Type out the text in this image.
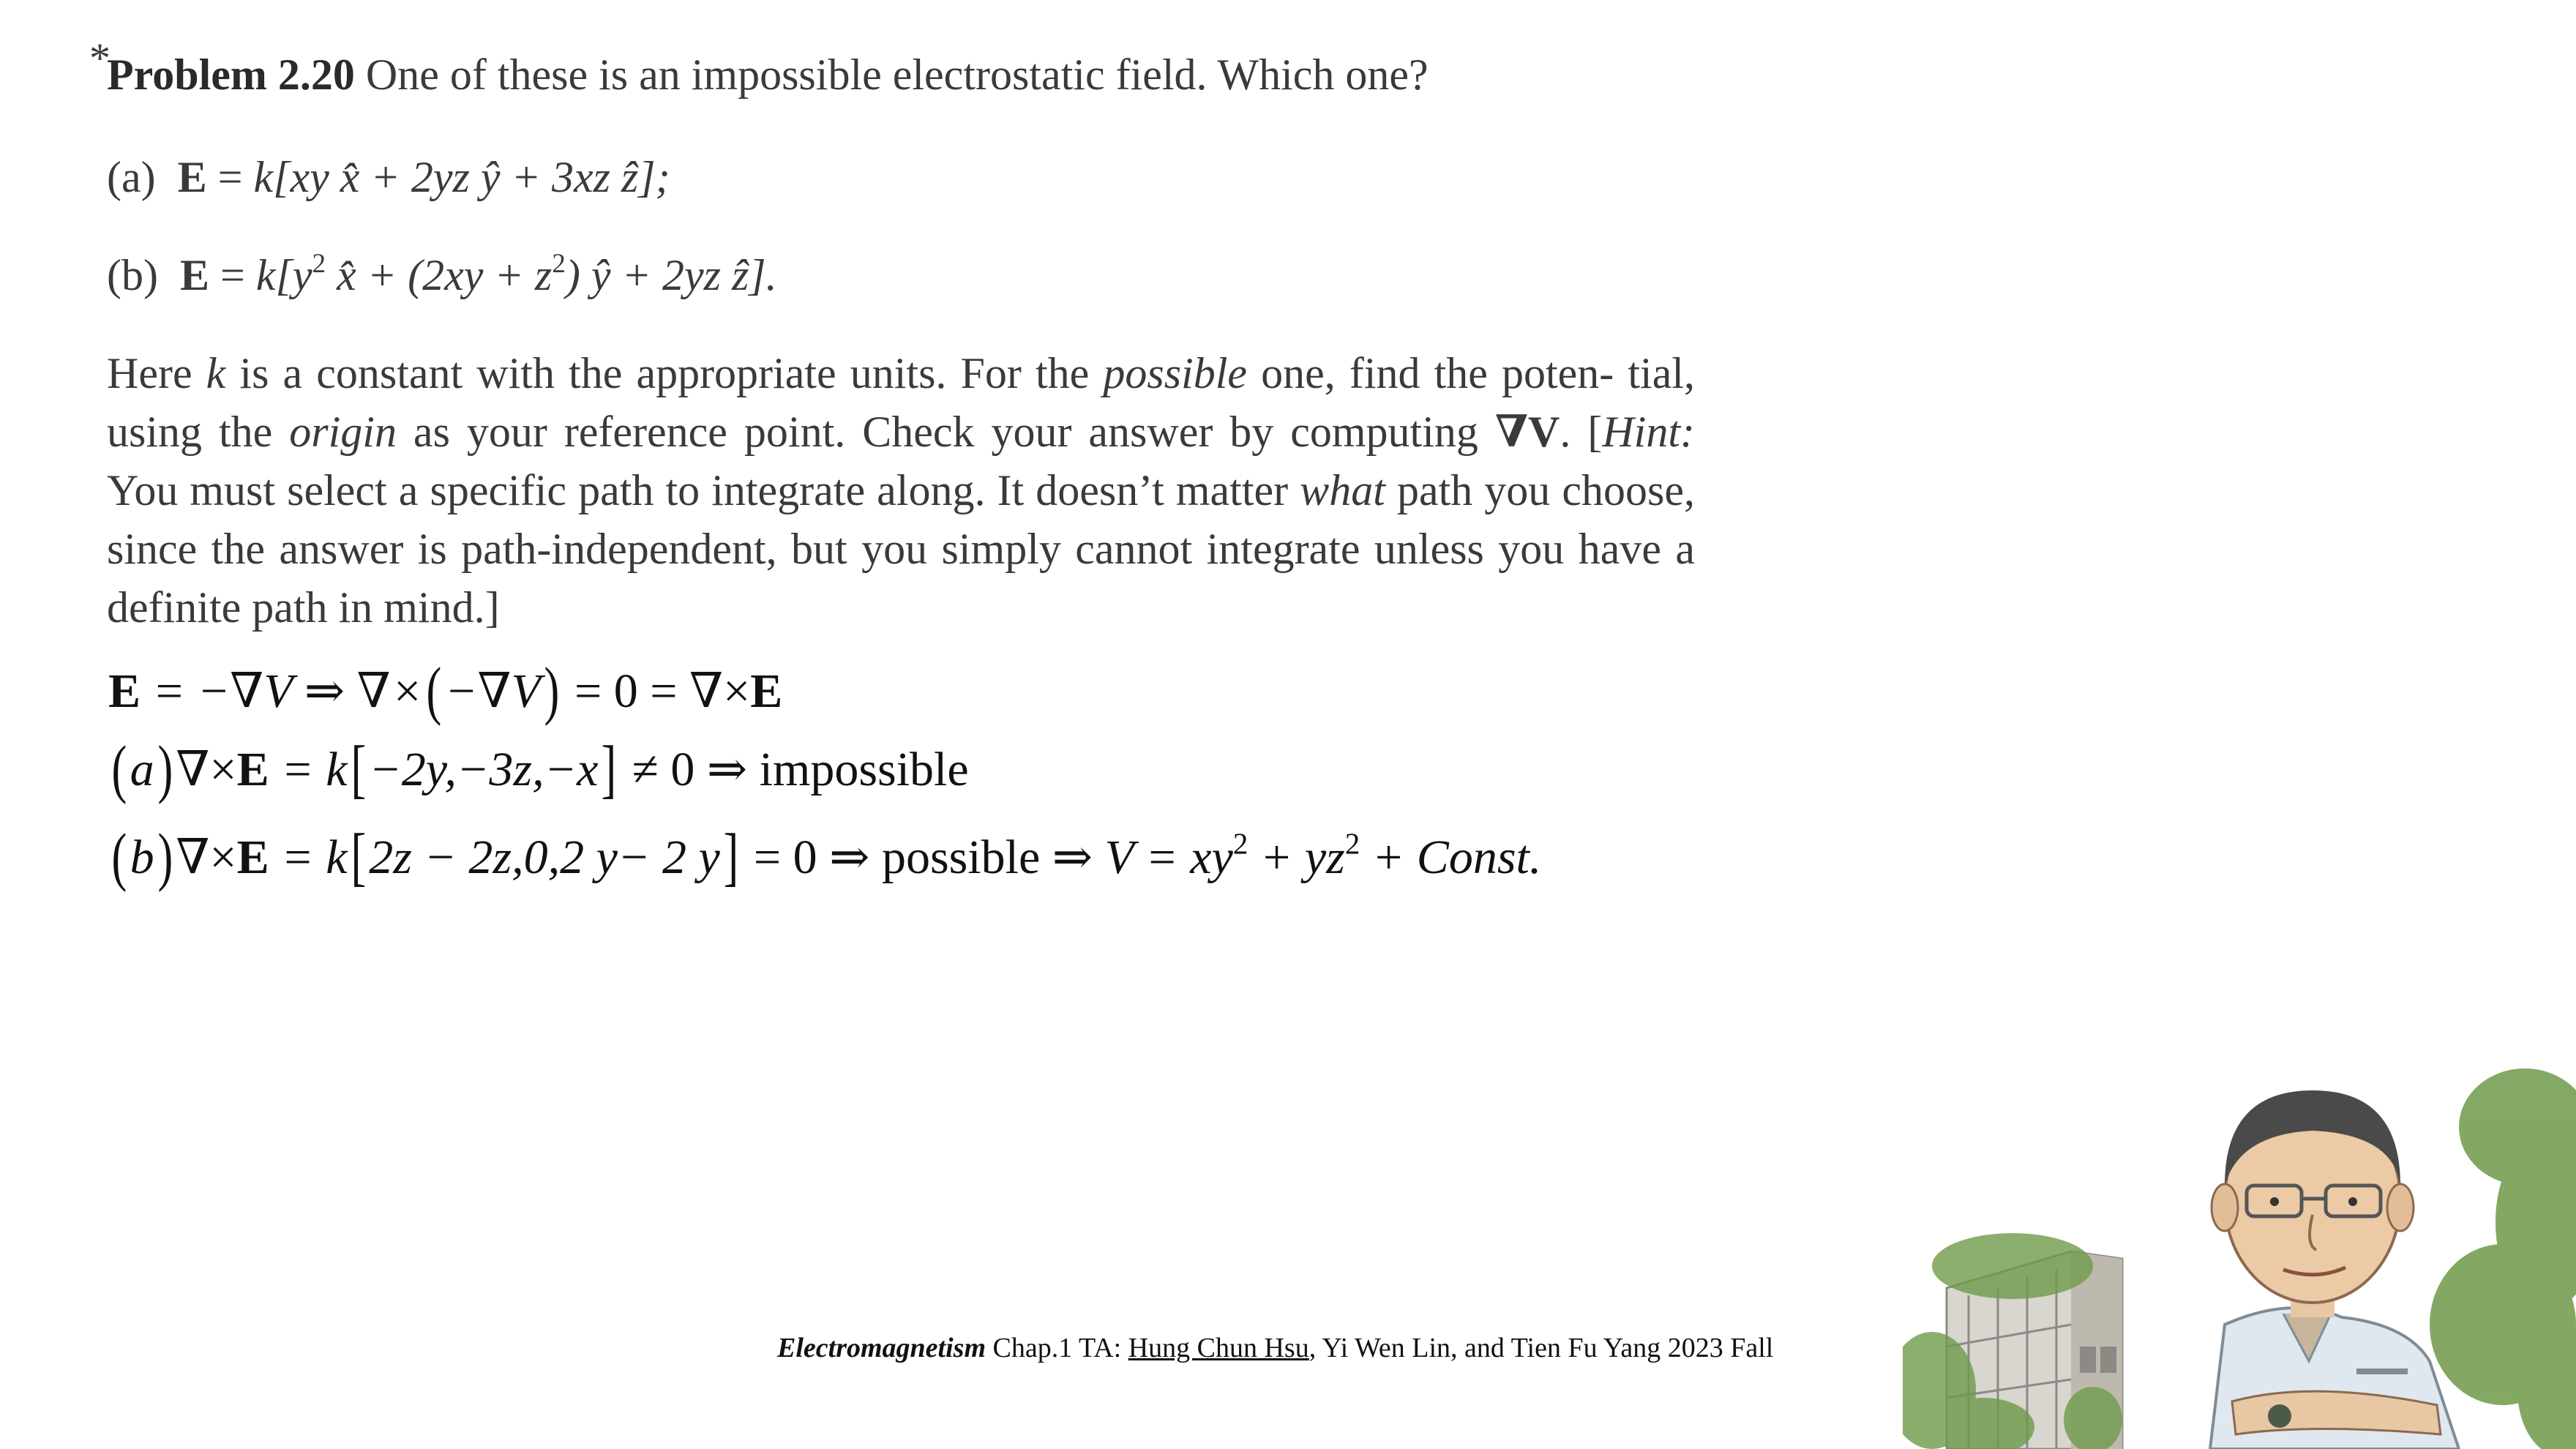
*
Problem 2.20 One of these is an impossible electrostatic field. Which one?
(a) E = k[xy x̂ + 2yz ŷ + 3xz ẑ];
(b) $E = k[y^2$ x̂ + $(2xy + z^2)$ ŷ + 2yz ẑ].
Here k is a constant with the appropriate units. For the possible one, find the poten- tial, using the origin as your reference point. Check your answer by computing ∇V. [Hint: You must select a specific path to integrate along. It doesn’t matter what path you choose, since the answer is path-independent, but you simply cannot integrate unless you have a definite path in mind.]
E = −∇V ⇒ ∇×(−∇V) = 0 = ∇×E
(a)∇×E = k[−2y,−3z,−x] ≠ 0 ⇒ impossible
(b)∇×E = k[2z − 2z,0,2 y− 2 y] = 0 ⇒ possible ⇒ $V = xy^2 + yz^2$ + Const.
Electromagnetism Chap.1 TA: Hung Chun Hsu, Yi Wen Lin, and Tien Fu Yang 2023 Fall
